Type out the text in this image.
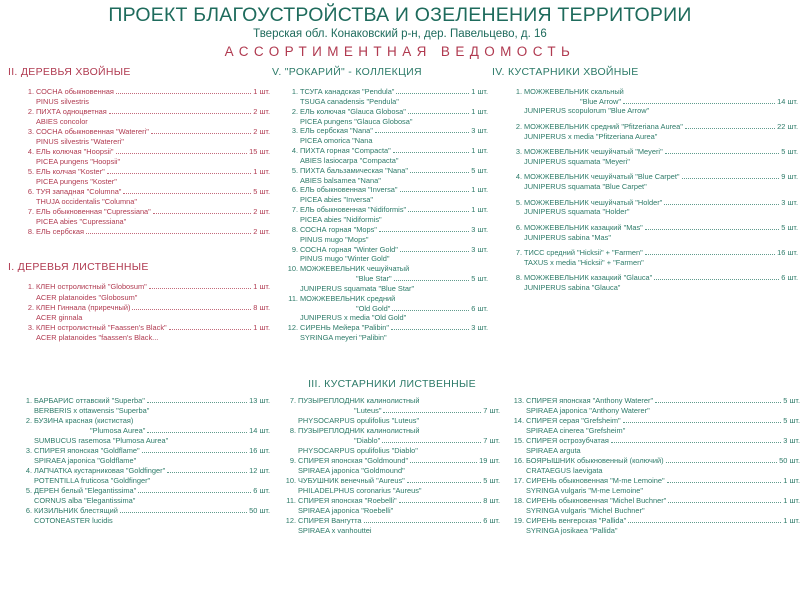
ПРОЕКТ БЛАГОУСТРОЙСТВА И ОЗЕЛЕНЕНИЯ ТЕРРИТОРИИ
Тверская обл. Конаковский р-н, дер. Павельцево, д. 16
АССОРТИМЕНТНАЯ ВЕДОМОСТЬ
II. ДЕРЕВЬЯ ХВОЙНЫЕ
1. СОСНА обыкновенная	1 шт.
PINUS silvestris
2. ПИХТА одноцветная	2 шт.
ABIES concolor
3. СОСНА обыкновенная "Watereri"	2 шт.
PINUS silvestris "Watereri"
4. ЕЛЬ колючая "Hoopsii"	15 шт.
PICEA pungens "Hoopsii"
5. ЕЛЬ колчая "Koster"	1 шт.
PICEA pungens "Koster"
6. ТУЯ западная "Columna"	5 шт.
THUJA occidentalis "Columna"
7. ЕЛЬ обыкновенная "Cupressiana"	2 шт.
PICEA abies "Cupressiana"
8. ЕЛЬ сербская	2 шт.
I. ДЕРЕВЬЯ ЛИСТВЕННЫЕ
1. КЛЕН остролистный "Globosum"	1 шт.
ACER platanoides "Globosum"
2. КЛЕН Гиннала (приречный)	8 шт.
ACER ginnala
3. КЛЕН остролистный "Faassen's Black"	1 шт.
ACER platanoides "faassen's Black...
V. "РОКАРИЙ" - КОЛЛЕКЦИЯ
1. ТСУГА канадская "Pendula"	1 шт.
TSUGA canadensis "Pendula"
2. ЕЛЬ колючая "Glauca Globosa"	1 шт.
PICEA pungens "Glauca Globosa"
3. ЕЛЬ сербская "Nana"	3 шт.
PICEA omorica "Nana
4. ПИХТА горная "Compacta"	1 шт.
ABIES lasiocarpa "Compacta"
5. ПИХТА бальзамическая "Nana"	5 шт.
ABIES balsamea "Nana"
6. ЕЛЬ обыкновенная "Inversa"	1 шт.
PICEA abies "Inversa"
7. ЕЛЬ обыкновенная "Nidiformis"	1 шт.
PICEA abies "Nidiformis"
8. СОСНА горная "Mops"	3 шт.
PINUS mugo "Mops"
9. СОСНА горная "Winter Gold"	3 шт.
PINUS mugo "Winter Gold"
10. МОЖЖЕВЕЛЬНИК чешуйчатый
"Blue Star"	5 шт.
JUNIPERUS squamata "Blue Star"
11. МОЖЖЕВЕЛЬНИК средний
"Old Gold"	6 шт.
JUNIPERUS x media "Old Gold"
12. СИРЕНЬ Мейера "Palibin"	3 шт.
SYRINGA meyeri "Palibin"
IV. КУСТАРНИКИ ХВОЙНЫЕ
1. МОЖЖЕВЕЛЬНИК скальный
"Blue Arrow"	14 шт.
JUNIPERUS scopulorum "Blue Arrow"
2. МОЖЖЕВЕЛЬНИК средний "Pfitzeriana Aurea"	22 шт.
JUNIPERUS x media "Pfitzeriana Aurea"
3. МОЖЖЕВЕЛЬНИК чешуйчатый "Meyeri"	5 шт.
JUNIPERUS squamata "Meyeri"
4. МОЖЖЕВЕЛЬНИК чешуйчатый "Blue Carpet"	9 шт.
JUNIPERUS squamata "Blue Carpet"
5. МОЖЖЕВЕЛЬНИК чешуйчатый "Holder"	3 шт.
JUNIPERUS squamata "Holder"
6. МОЖЖЕВЕЛЬНИК казацкий "Mas"	5 шт.
JUNIPERUS sabina "Mas"
7. ТИСС средний "Hicksii" + "Farmen"	16 шт.
TAXUS x media "Hicksii" + "Farmen"
8. МОЖЖЕВЕЛЬНИК казацкий "Glauca"	6 шт.
JUNIPERUS sabina "Glauca"
1. БАРБАРИС оттавский "Superba"	13 шт.
BERBERIS x ottawensis "Superba"
2. БУЗИНА красная (кистистая)
"Plumosa Aurea"	14 шт.
SUMBUCUS rasemosa "Plumosa Aurea"
3. СПИРЕЯ японская "Goldflame"	16 шт.
SPIRAEA japonica "Goldflame"
4. ЛАПЧАТКА кустарниковая "Goldfinger"	12 шт.
POTENTILLA fruticosa "Goldfinger"
5. ДЕРЕН белый "Elegantissima"	6 шт.
CORNUS alba "Elegantissima"
6. КИЗИЛЬНИК блестящий	50 шт.
COTONEASTER lucidis
7. ПУЗЫРЕПЛОДНИК калинолистный
"Luteus"	7 шт.
PHYSOCARPUS opulifolius "Luteus"
8. ПУЗЫРЕПЛОДНИК калинолистный
"Diablo"	7 шт.
PHYSOCARPUS opulifolius "Diablo"
9. СПИРЕЯ японская "Goldmound"	19 шт.
SPIRAEA japonica "Goldmound"
10. ЧУБУШНИК венечный "Aureus"	5 шт.
PHILADELPHUS coronarius "Aureus"
11. СПИРЕЯ японская "Roebelli"	8 шт.
SPIRAEA japonica "Roebelli"
12. СПИРЕЯ Вангутта	6 шт.
SPIRAEA x vanhouttei
13. СПИРЕЯ японская "Anthony Waterer"	5 шт.
SPIRAEA japonica "Anthony Waterer"
14. СПИРЕЯ серая "Grefsheim"	5 шт.
SPIRAEA cinerea "Grefsheim"
15. СПИРЕЯ острозубчатая	3 шт.
SPIRAEA arguta
16. БОЯРЫШНИК обыкновенный (колючий)	50 шт.
CRATAEGUS laevigata
17. СИРЕНЬ обыкновенная "M-me Lemoine"	1 шт.
SYRINGA vulgaris "M-me Lemoine"
18. СИРЕНЬ обыкновенная "Michel Buchner"	1 шт.
SYRINGA vulgaris "Michel Buchner"
19. СИРЕНЬ венгерская "Pallida"	1 шт.
SYRINGA josikaea "Pallida"
III. КУСТАРНИКИ ЛИСТВЕННЫЕ
